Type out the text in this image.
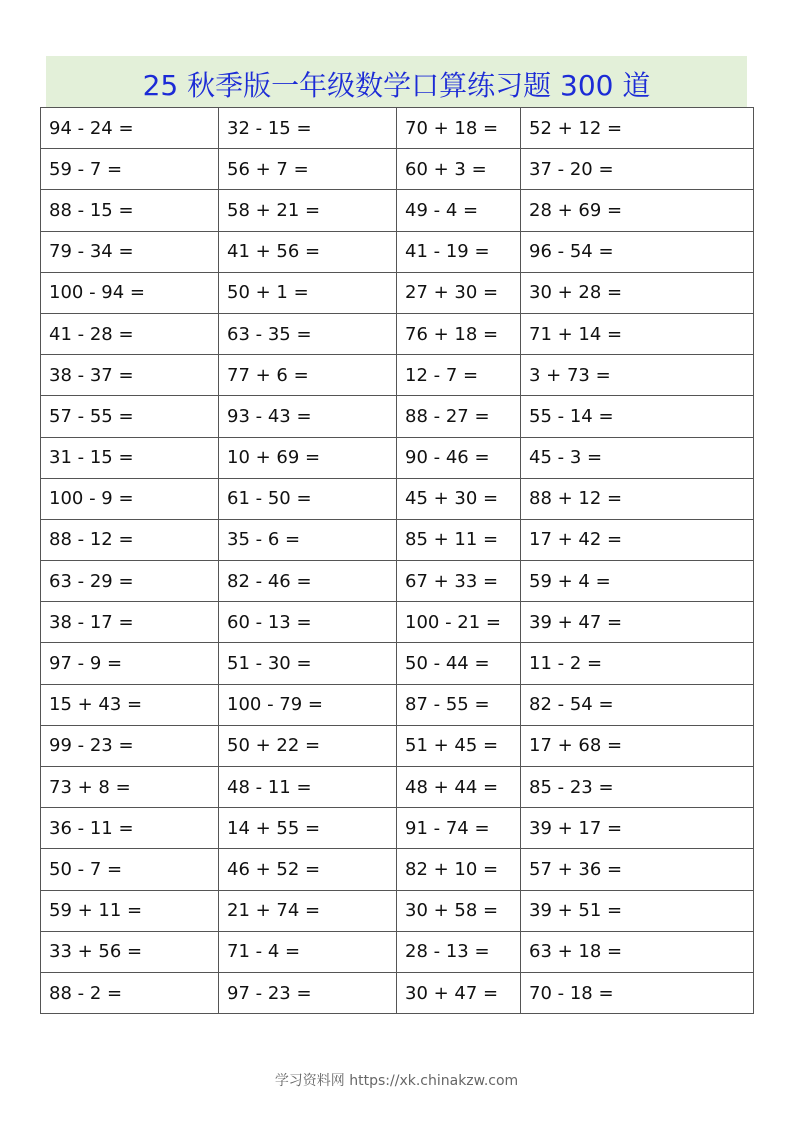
25 秋季版一年级数学口算练习题 300 道
94 - 24 =	32 - 15 =	70 + 18 =	52 + 12 =
59 - 7 =	56 + 7 =	60 + 3 =	37 - 20 =
88 - 15 =	58 + 21 =	49 - 4 =	28 + 69 =
79 - 34 =	41 + 56 =	41 - 19 =	96 - 54 =
100 - 94 =	50 + 1 =	27 + 30 =	30 + 28 =
41 - 28 =	63 - 35 =	76 + 18 =	71 + 14 =
38 - 37 =	77 + 6 =	12 - 7 =	3 + 73 =
57 - 55 =	93 - 43 =	88 - 27 =	55 - 14 =
31 - 15 =	10 + 69 =	90 - 46 =	45 - 3 =
100 - 9 =	61 - 50 =	45 + 30 =	88 + 12 =
88 - 12 =	35 - 6 =	85 + 11 =	17 + 42 =
63 - 29 =	82 - 46 =	67 + 33 =	59 + 4 =
38 - 17 =	60 - 13 =	100 - 21 =	39 + 47 =
97 - 9 =	51 - 30 =	50 - 44 =	11 - 2 =
15 + 43 =	100 - 79 =	87 - 55 =	82 - 54 =
99 - 23 =	50 + 22 =	51 + 45 =	17 + 68 =
73 + 8 =	48 - 11 =	48 + 44 =	85 - 23 =
36 - 11 =	14 + 55 =	91 - 74 =	39 + 17 =
50 - 7 =	46 + 52 =	82 + 10 =	57 + 36 =
59 + 11 =	21 + 74 =	30 + 58 =	39 + 51 =
33 + 56 =	71 - 4 =	28 - 13 =	63 + 18 =
88 - 2 =	97 - 23 =	30 + 47 =	70 - 18 =
学习资料网 https://xk.chinakzw.com
